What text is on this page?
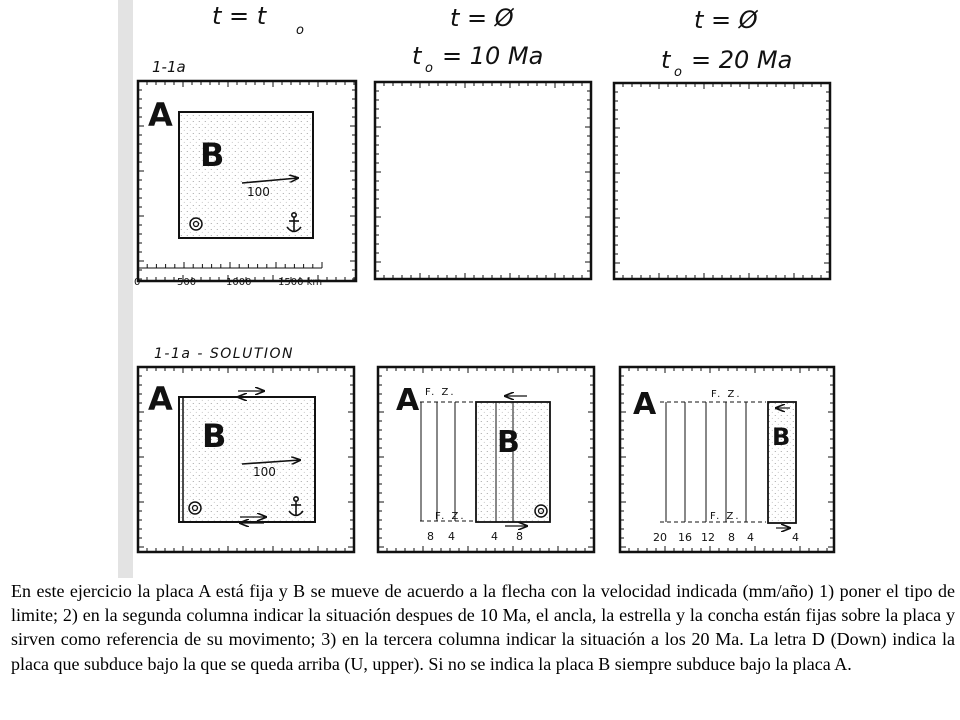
t = t
o	t = Ø
t o = 10 Ma
t = Ø
t o = 20 Ma
1-1a
1-1a - SOLUTION
A
B
100
0	500	1000	1500 km
A
B
100
A F. Z.
F. Z.
B
8 4	4 8
A	F. Z.
F. Z.
B
20 16 12 8 4	4
En este ejercicio la placa A está fija y B se mueve de acuerdo a la flecha con la velocidad indicada (mm/año) 1) poner el tipo de limite; 2) en la segunda columna indicar la situación despues de 10 Ma, el ancla, la estrella y la concha están fijas sobre la placa y sirven como referencia de su movimento; 3) en la tercera columna indicar la situación a los 20 Ma. La letra D (Down) indica la placa que subduce bajo la que se queda arriba (U, upper). Si no se indica la placa B siempre subduce bajo la placa A.
